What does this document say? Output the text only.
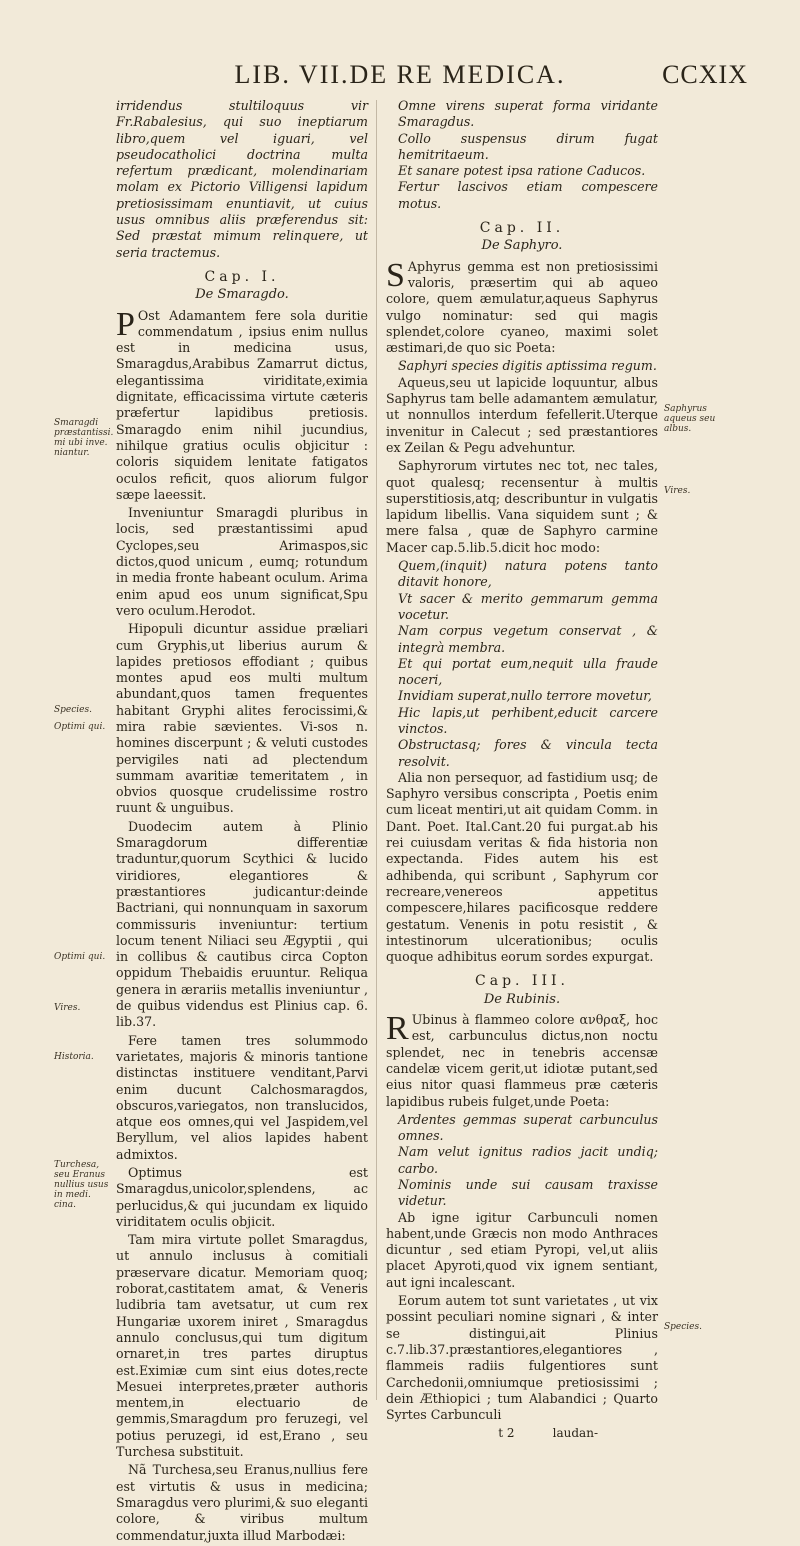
LIB. VII.DE RE MEDICA.	CCXIX

irridendus stultiloquus vir Fr.Rabalesius, qui suo ineptiarum libro,quem vel iguari, vel pseudocatholici doctrina multa refertum prædicant, molendinariam molam ex Pictorio Villigensi lapidum pretiosissimam enuntiavit, ut cuius usus omnibus aliis præferendus sit: Sed præstat mimum relinquere, ut seria tractemus.

Cap. I.
De Smaragdo.

P Ost Adamantem fere sola duritie commendatum , ipsius enim nullus est in medicina usus, Smaragdus,Arabibus Zamarrut dictus, elegantissima viriditate,eximia dignitate, efficacissima virtute cæteris præfertur lapidibus pretiosis. Smaragdo enim nihil jucundius, nihilque gratius oculis objicitur : coloris siquidem lenitate fatigatos oculos reficit, quos aliorum fulgor sæpe laeessit.

Inveniuntur Smaragdi pluribus in locis, sed præstantissimi apud Cyclopes,seu Arimaspos,sic dictos,quod unicum , eumq; rotundum in media fronte habeant oculum. Arima enim apud eos unum significat,Spu vero oculum.Herodot.

Hipopuli dicuntur assidue præliari cum Gryphis,ut liberius aurum & lapides pretiosos effodiant ; quibus montes apud eos multi multum abundant,quos tamen frequentes habitant Gryphi alites ferocissimi,& mira rabie sævientes. Vi-sos n. homines discerpunt ; & veluti custodes pervigiles nati ad plectendum summam avaritiæ temeritatem , in obvios quosque crudelissime rostro ruunt & unguibus.

Duodecim autem à Plinio Smaragdorum differentiæ traduntur,quorum Scythici & lucido viridiores, elegantiores & præstantiores judicantur:deinde Bactriani, qui nonnunquam in saxorum commissuris inveniuntur: tertium locum tenent Niliaci seu Ægyptii , qui in collibus & cautibus circa Copton oppidum Thebaidis eruuntur. Reliqua genera in ærariis metallis inveniuntur , de quibus videndus est Plinius cap. 6. lib.37.

Fere tamen tres solummodo varietates, majoris & minoris tantione distinctas instituere venditant,Parvi enim ducunt Calchosmaragdos, obscuros,variegatos, non translucidos, atque eos omnes,qui vel Jaspidem,vel Beryllum, vel alios lapides habent admixtos.

Optimus est Smaragdus,unicolor,splendens, ac perlucidus,& qui jucundam ex liquido viriditatem oculis objicit.

Tam mira virtute pollet Smaragdus, ut annulo inclusus à comitiali præservare dicatur. Memoriam quoq; roborat,castitatem amat, & Veneris ludibria tam avetsatur, ut cum rex Hungariæ uxorem iniret , Smaragdus annulo conclusus,qui tum digitum ornaret,in tres partes diruptus est.Eximiæ cum sint eius dotes,recte Mesuei interpretes,præter authoris mentem,in electuario de gemmis,Smaragdum pro feruzegi, vel potius peruzegi, id est,Erano , seu Turchesa substituit.

Nã Turchesa,seu Eranus,nullius fere est virtutis & usus in medicina; Smaragdus vero plurimi,& suo eleganti colore, & viribus multum commendatur,juxta illud Marbodæi:

Smaragdi præstantissi. mi ubi inve. niantur.
Species.
Optimi qui.
Optimi qui.
Vires.
Historia.
Turchesa, seu Eranus nullius usus in medi. cina.

Omne virens superat forma viridante Smaragdus.

Collo suspensus dirum fugat hemitritaeum.

Et sanare potest ipsa ratione Caducos.

Fertur lascivos etiam compescere motus.

Cap. II.
De Saphyro.

S Aphyrus gemma est non pretiosissimi valoris, præsertim qui ab aqueo colore, quem æmulatur,aqueus Saphyrus vulgo nominatur: sed qui magis splendet,colore cyaneo, maximi solet æstimari,de quo sic Poeta:

Saphyri species digitis aptissima regum.

Aqueus,seu ut lapicide loquuntur, albus Saphyrus tam belle adamantem æmulatur, ut nonnullos interdum fefellerit.Uterque invenitur in Calecut ; sed præstantiores ex Zeilan & Pegu advehuntur.

Saphyrorum virtutes nec tot, nec tales, quot qualesq; recensentur à multis superstitiosis,atq; describuntur in vulgatis lapidum libellis. Vana siquidem sunt ; & mere falsa , quæ de Saphyro carmine Macer cap.5.lib.5.dicit hoc modo:

Quem,(inquit) natura potens tanto ditavit honore,

Vt sacer & merito gemmarum gemma vocetur.

Nam corpus vegetum conservat , & integrà membra.

Et qui portat eum,nequit ulla fraude noceri,

Invidiam superat,nullo terrore movetur,

Hic lapis,ut perhibent,educit carcere vinctos.

Obstructasq; fores & vincula tecta resolvit.

Alia non persequor, ad fastidium usq; de Saphyro versibus conscripta , Poetis enim cum liceat mentiri,ut ait quidam Comm. in Dant. Poet. Ital.Cant.20 fui purgat.ab his rei cuiusdam veritas & fida historia non expectanda. Fides autem his est adhibenda, qui scribunt , Saphyrum cor recreare,venereos appetitus compescere,hilares pacificosque reddere gestatum. Venenis in potu resistit , & intestinorum ulcerationibus; oculis quoque adhibitus eorum sordes expurgat.

Cap. III.
De Rubinis.

R Ubinus à flammeo colore ανθραξ, hoc est, carbunculus dictus,non noctu splendet, nec in tenebris accensæ candelæ vicem gerit,ut idiotæ putant,sed eius nitor quasi flammeus præ cæteris lapidibus rubeis fulget,unde Poeta:

Ardentes gemmas superat carbunculus omnes.

Nam velut ignitus radios jacit undiq; carbo.

Nominis unde sui causam traxisse videtur.

Ab igne igitur Carbunculi nomen habent,unde Græcis non modo Anthraces dicuntur , sed etiam Pyropi, vel,ut aliis placet Apyroti,quod vix ignem sentiant, aut igni incalescant.

Eorum autem tot sunt varietates , ut vix possint peculiari nomine signari , & inter se distingui,ait Plinius c.7.lib.37.præstantiores,elegantiores , flammeis radiis fulgentiores sunt Carchedonii,omniumque pretiosissimi ; dein Æthiopici ; tum Alabandici ; Quarto Syrtes Carbunculi

t 2	laudan-
Saphyrus aqueus seu albus.
Vires.
Species.
